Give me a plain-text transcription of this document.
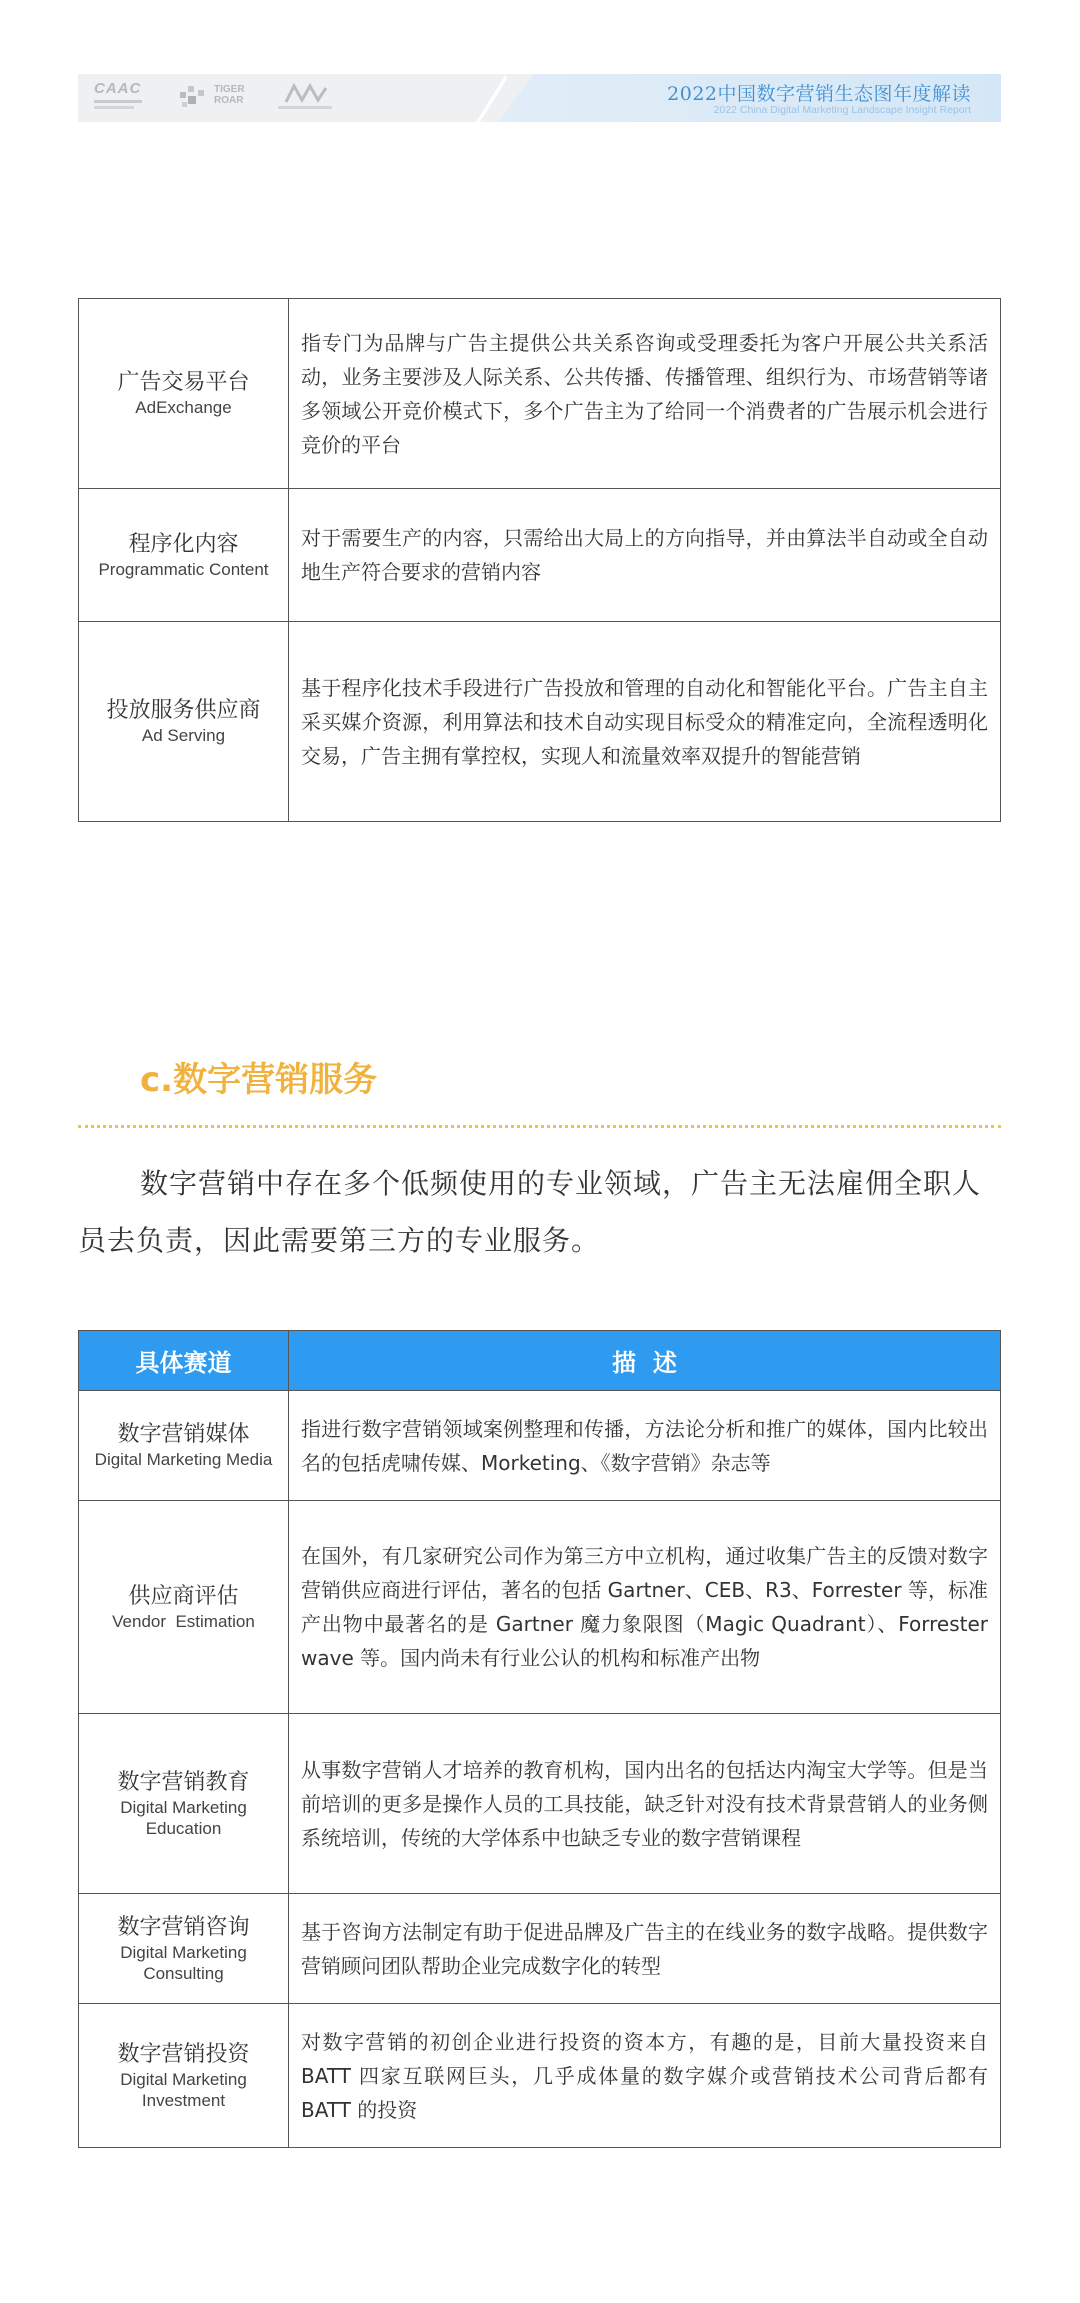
CAAC	TIGER
ROAR	2022中国数字营销生态图年度解读
2022 China Digital Marketing Landscape Insight Report
广告交易平台
AdExchange	指专门为品牌与广告主提供公共关系咨询或受理委托为客户开展公共关系活动，业务主要涉及人际关系、公共传播、传播管理、组织行为、市场营销等诸多领域公开竞价模式下，多个广告主为了给同一个消费者的广告展示机会进行竞价的平台

程序化内容
Programmatic Content	对于需要生产的内容，只需给出大局上的方向指导，并由算法半自动或全自动地生产符合要求的营销内容

投放服务供应商
Ad Serving	基于程序化技术手段进行广告投放和管理的自动化和智能化平台。广告主自主采买媒介资源，利用算法和技术自动实现目标受众的精准定向，全流程透明化交易，广告主拥有掌控权，实现人和流量效率双提升的智能营销
c.数字营销服务

数字营销中存在多个低频使用的专业领域，广告主无法雇佣全职人员去负责，因此需要第三方的专业服务。

具体赛道	描  述

数字营销媒体
Digital Marketing Media	指进行数字营销领域案例整理和传播，方法论分析和推广的媒体，国内比较出名的包括虎啸传媒、Morketing、《数字营销》杂志等

供应商评估
Vendor  Estimation	在国外，有几家研究公司作为第三方中立机构，通过收集广告主的反馈对数字营销供应商进行评估，著名的包括 Gartner、CEB、R3、Forrester 等，标准产出物中最著名的是 Gartner 魔力象限图（Magic Quadrant）、Forrester wave 等。国内尚未有行业公认的机构和标准产出物

数字营销教育
Digital Marketing Education	从事数字营销人才培养的教育机构，国内出名的包括达内淘宝大学等。但是当前培训的更多是操作人员的工具技能，缺乏针对没有技术背景营销人的业务侧系统培训，传统的大学体系中也缺乏专业的数字营销课程

数字营销咨询
Digital Marketing Consulting	基于咨询方法制定有助于促进品牌及广告主的在线业务的数字战略。提供数字营销顾问团队帮助企业完成数字化的转型

数字营销投资
Digital Marketing Investment	对数字营销的初创企业进行投资的资本方，有趣的是，目前大量投资来自 BATT 四家互联网巨头，几乎成体量的数字媒介或营销技术公司背后都有 BATT 的投资
